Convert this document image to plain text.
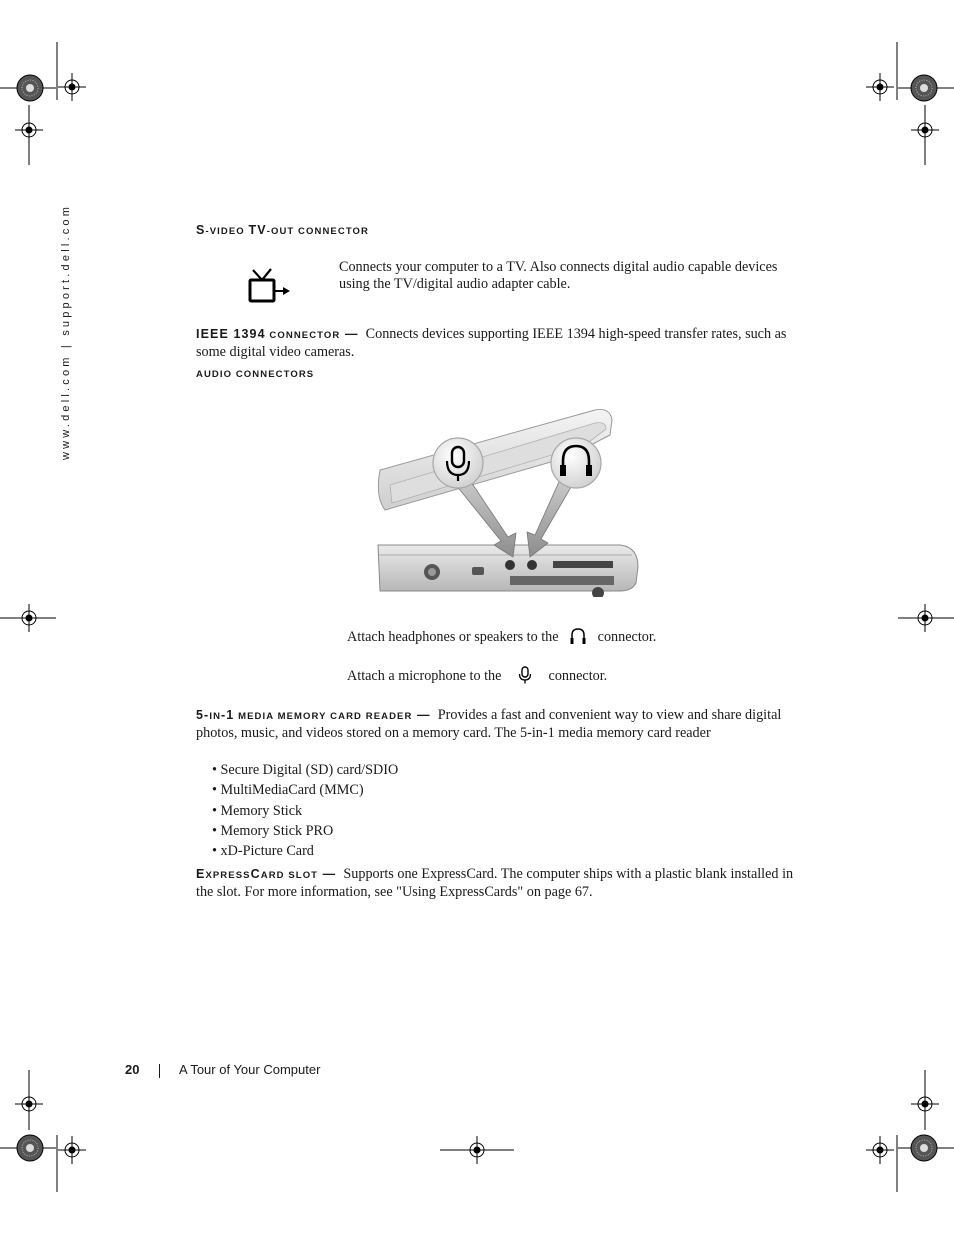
www.dell.com | support.dell.com	S-VIDEO TV-OUT CONNECTOR
Connects your computer to a TV. Also connects digital audio capable devices using the TV/digital audio adapter cable.
IEEE 1394 CONNECTOR — Connects devices supporting IEEE 1394 high-speed transfer rates, such as some digital video cameras.
AUDIO CONNECTORS
Attach headphones or speakers to the	connector.
Attach a microphone to the	connector.
5-IN-1 MEDIA MEMORY CARD READER — Provides a fast and convenient way to view and share digital photos, music, and videos stored on a memory card. The 5-in-1 media memory card reader
• Secure Digital (SD) card/SDIO
• MultiMediaCard (MMC)
• Memory Stick
• Memory Stick PRO
• xD-Picture Card
EXPRESSCARD SLOT — Supports one ExpressCard. The computer ships with a plastic blank installed in the slot. For more information, see "Using ExpressCards" on page 67.
20	A Tour of Your Computer
